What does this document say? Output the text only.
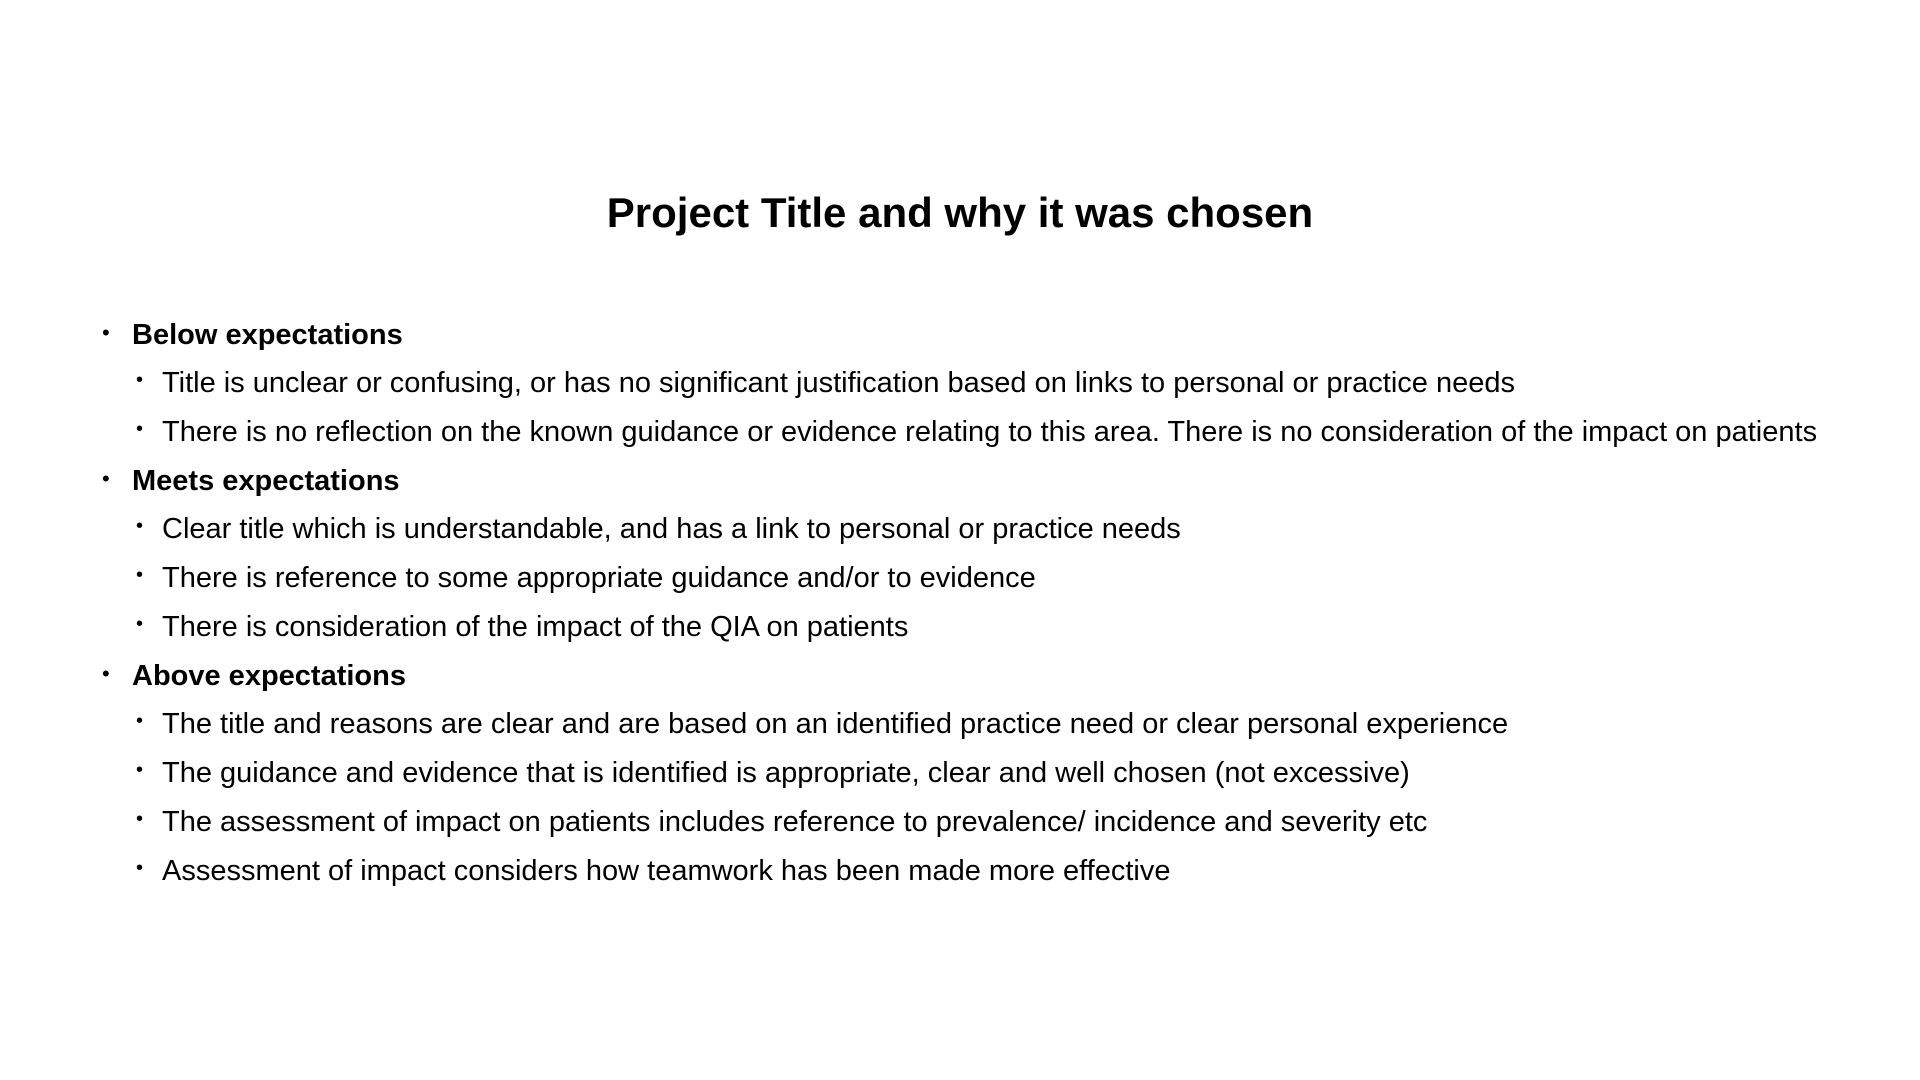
Project Title and why it was chosen
• Below expectations
• Title is unclear or confusing, or has no significant justification based on links to personal or practice needs
• There is no reflection on the known guidance or evidence relating to this area. There is no consideration of the impact on patients
• Meets expectations
• Clear title which is understandable, and has a link to personal or practice needs
• There is reference to some appropriate guidance and/or to evidence
• There is consideration of the impact of the QIA on patients
• Above expectations
• The title and reasons are clear and are based on an identified practice need or clear personal experience
• The guidance and evidence that is identified is appropriate, clear and well chosen (not excessive)
• The assessment of impact on patients includes reference to prevalence/ incidence and severity etc
• Assessment of impact considers how teamwork has been made more effective
